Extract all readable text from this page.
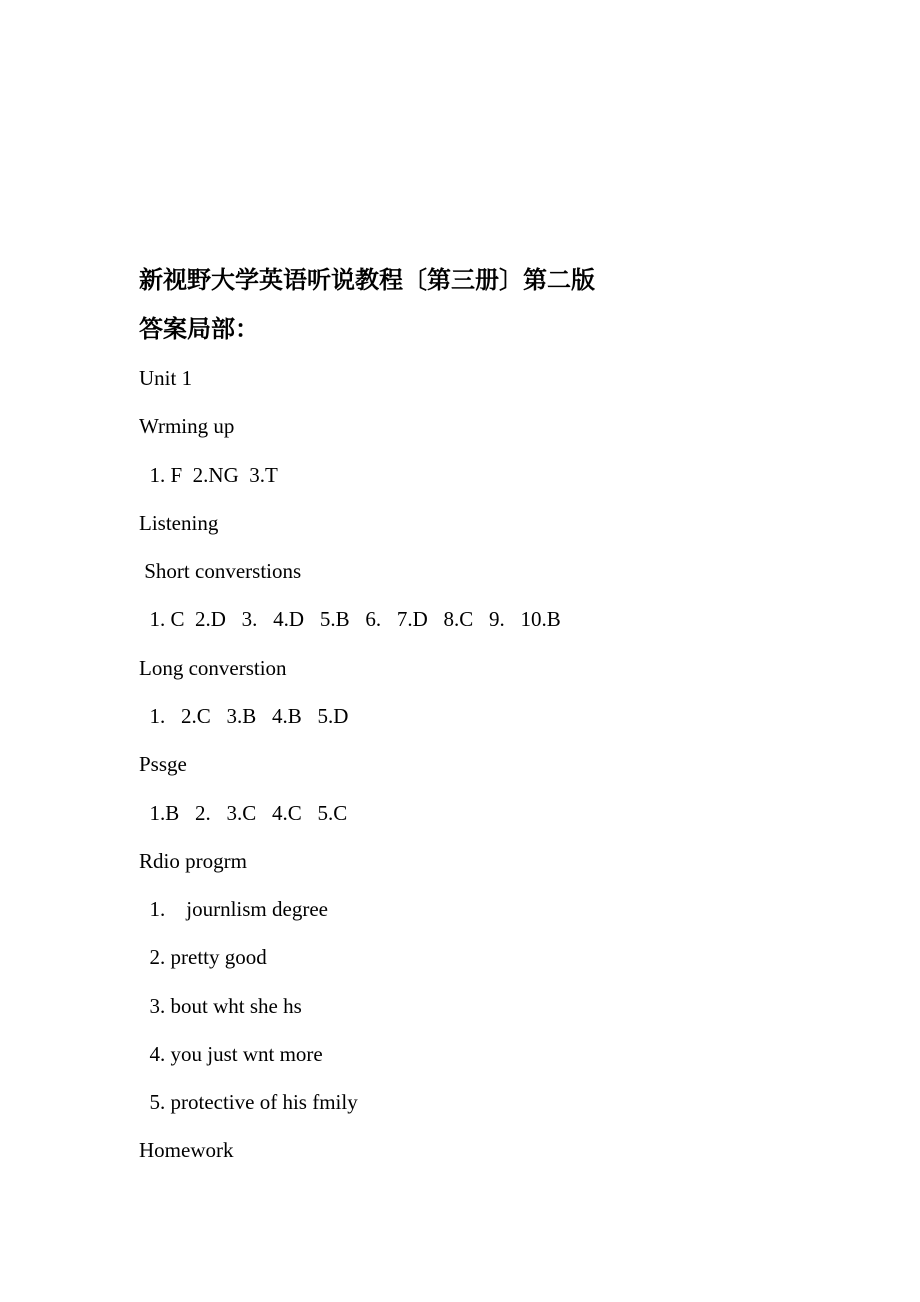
新视野大学英语听说教程〔第三册〕第二版
答案局部：
Unit 1
Wrming up
1. F  2.NG  3.T
Listening
Short converstions
1. C  2.D   3.   4.D   5.B   6.   7.D   8.C   9.   10.B
Long converstion
1.   2.C   3.B   4.B   5.D
Pssge
1.B   2.   3.C   4.C   5.C
Rdio progrm
1.    journlism degree
2. pretty good
3. bout wht she hs
4. you just wnt more
5. protective of his fmily
Homework
